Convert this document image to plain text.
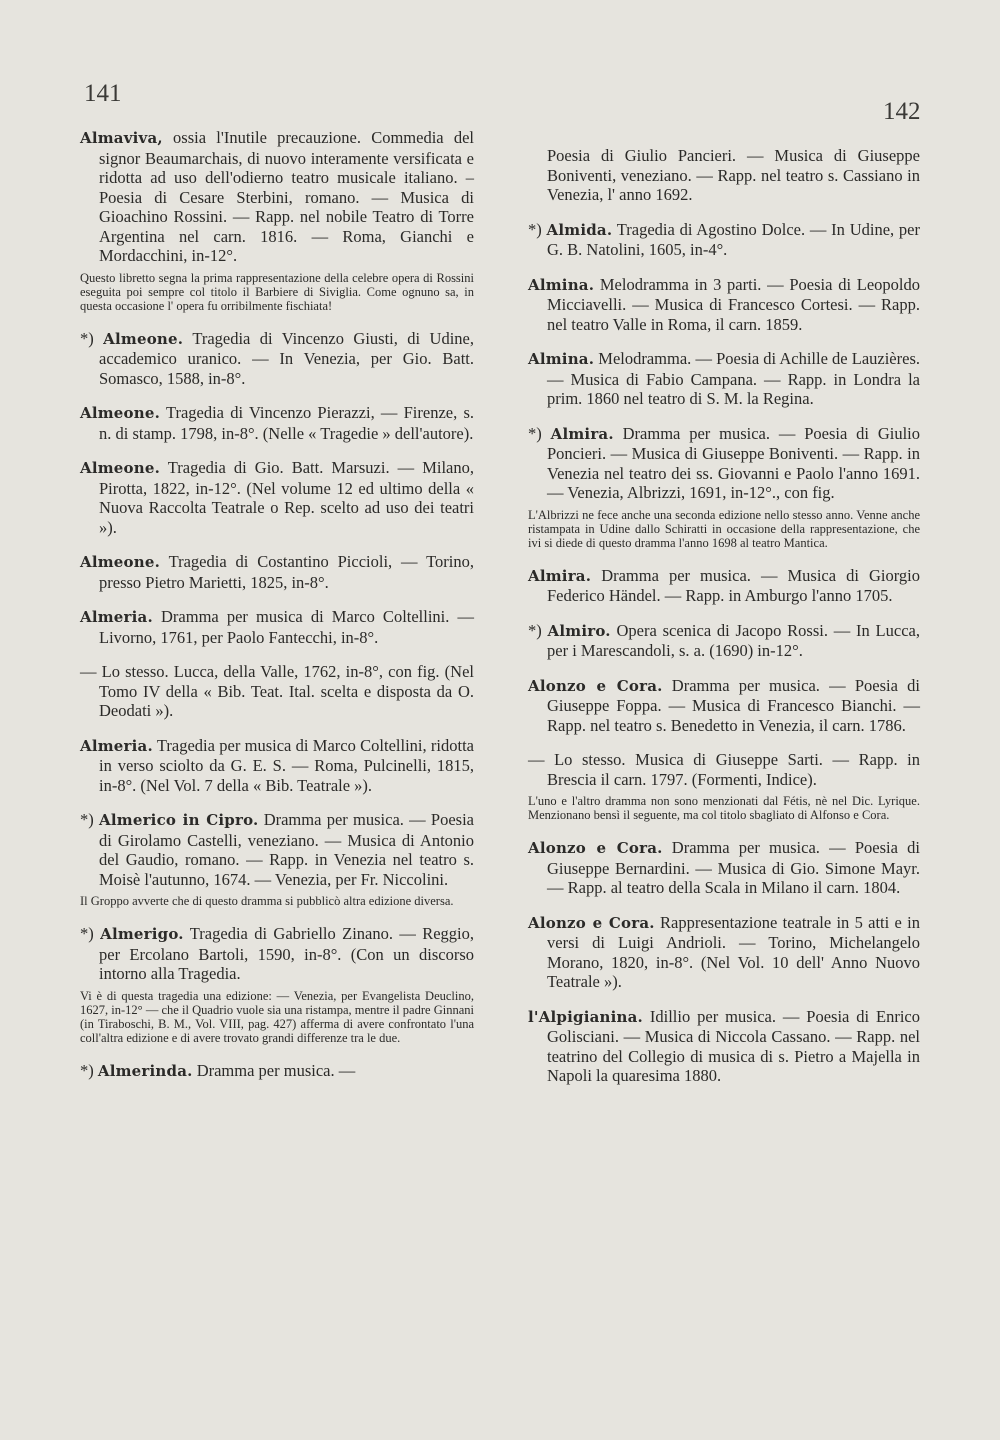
141
142
Almaviva, ossia l'Inutile precauzione. Commedia del signor Beaumarchais, di nuovo interamente versificata e ridotta ad uso dell'odierno teatro musicale italiano. – Poesia di Cesare Sterbini, romano. — Musica di Gioachino Rossini. — Rapp. nel nobile Teatro di Torre Argentina nel carn. 1816. — Roma, Gianchi e Mordacchini, in-12°.
Questo libretto segna la prima rappresentazione della celebre opera di Rossini eseguita poi sempre col titolo il Barbiere di Siviglia. Come ognuno sa, in questa occasione l' opera fu orribilmente fischiata!
*) Almeone. Tragedia di Vincenzo Giusti, di Udine, accademico uranico. — In Venezia, per Gio. Batt. Somasco, 1588, in-8°.
Almeone. Tragedia di Vincenzo Pierazzi, — Firenze, s. n. di stamp. 1798, in-8°. (Nelle « Tragedie » dell'autore).
Almeone. Tragedia di Gio. Batt. Marsuzi. — Milano, Pirotta, 1822, in-12°. (Nel volume 12 ed ultimo della « Nuova Raccolta Teatrale o Rep. scelto ad uso dei teatri »).
Almeone. Tragedia di Costantino Piccioli, — Torino, presso Pietro Marietti, 1825, in-8°.
Almeria. Dramma per musica di Marco Coltellini. — Livorno, 1761, per Paolo Fantecchi, in-8°.
— Lo stesso. Lucca, della Valle, 1762, in-8°, con fig. (Nel Tomo IV della « Bib. Teat. Ital. scelta e disposta da O. Deodati »).
Almeria. Tragedia per musica di Marco Coltellini, ridotta in verso sciolto da G. E. S. — Roma, Pulcinelli, 1815, in-8°. (Nel Vol. 7 della « Bib. Teatrale »).
*) Almerico in Cipro. Dramma per musica. — Poesia di Girolamo Castelli, veneziano. — Musica di Antonio del Gaudio, romano. — Rapp. in Venezia nel teatro s. Moisè l'autunno, 1674. — Venezia, per Fr. Niccolini.
Il Groppo avverte che di questo dramma si pubblicò altra edizione diversa.
*) Almerigo. Tragedia di Gabriello Zinano. — Reggio, per Ercolano Bartoli, 1590, in-8°. (Con un discorso intorno alla Tragedia.
Vi è di questa tragedia una edizione: — Venezia, per Evangelista Deuclino, 1627, in-12° — che il Quadrio vuole sia una ristampa, mentre il padre Ginnani (in Tiraboschi, B. M., Vol. VIII, pag. 427) afferma di avere confrontato l'una coll'altra edizione e di avere trovato grandi differenze tra le due.
*) Almerinda. Dramma per musica. —
Poesia di Giulio Pancieri. — Musica di Giuseppe Boniventi, veneziano. — Rapp. nel teatro s. Cassiano in Venezia, l' anno 1692.
*) Almida. Tragedia di Agostino Dolce. — In Udine, per G. B. Natolini, 1605, in-4°.
Almina. Melodramma in 3 parti. — Poesia di Leopoldo Micciavelli. — Musica di Francesco Cortesi. — Rapp. nel teatro Valle in Roma, il carn. 1859.
Almina. Melodramma. — Poesia di Achille de Lauzières. — Musica di Fabio Campana. — Rapp. in Londra la prim. 1860 nel teatro di S. M. la Regina.
*) Almira. Dramma per musica. — Poesia di Giulio Poncieri. — Musica di Giuseppe Boniventi. — Rapp. in Venezia nel teatro dei ss. Giovanni e Paolo l'anno 1691. — Venezia, Albrizzi, 1691, in-12°., con fig.
L'Albrizzi ne fece anche una seconda edizione nello stesso anno. Venne anche ristampata in Udine dallo Schiratti in occasione della rappresentazione, che ivi si diede di questo dramma l'anno 1698 al teatro Mantica.
Almira. Dramma per musica. — Musica di Giorgio Federico Händel. — Rapp. in Amburgo l'anno 1705.
*) Almiro. Opera scenica di Jacopo Rossi. — In Lucca, per i Marescandoli, s. a. (1690) in-12°.
Alonzo e Cora. Dramma per musica. — Poesia di Giuseppe Foppa. — Musica di Francesco Bianchi. — Rapp. nel teatro s. Benedetto in Venezia, il carn. 1786.
— Lo stesso. Musica di Giuseppe Sarti. — Rapp. in Brescia il carn. 1797. (Formenti, Indice).
L'uno e l'altro dramma non sono menzionati dal Fétis, nè nel Dic. Lyrique. Menzionano bensì il seguente, ma col titolo sbagliato di Alfonso e Cora.
Alonzo e Cora. Dramma per musica. — Poesia di Giuseppe Bernardini. — Musica di Gio. Simone Mayr. — Rapp. al teatro della Scala in Milano il carn. 1804.
Alonzo e Cora. Rappresentazione teatrale in 5 atti e in versi di Luigi Andrioli. — Torino, Michelangelo Morano, 1820, in-8°. (Nel Vol. 10 dell' Anno Nuovo Teatrale »).
l'Alpigianina. Idillio per musica. — Poesia di Enrico Golisciani. — Musica di Niccola Cassano. — Rapp. nel teatrino del Collegio di musica di s. Pietro a Majella in Napoli la quaresima 1880.
